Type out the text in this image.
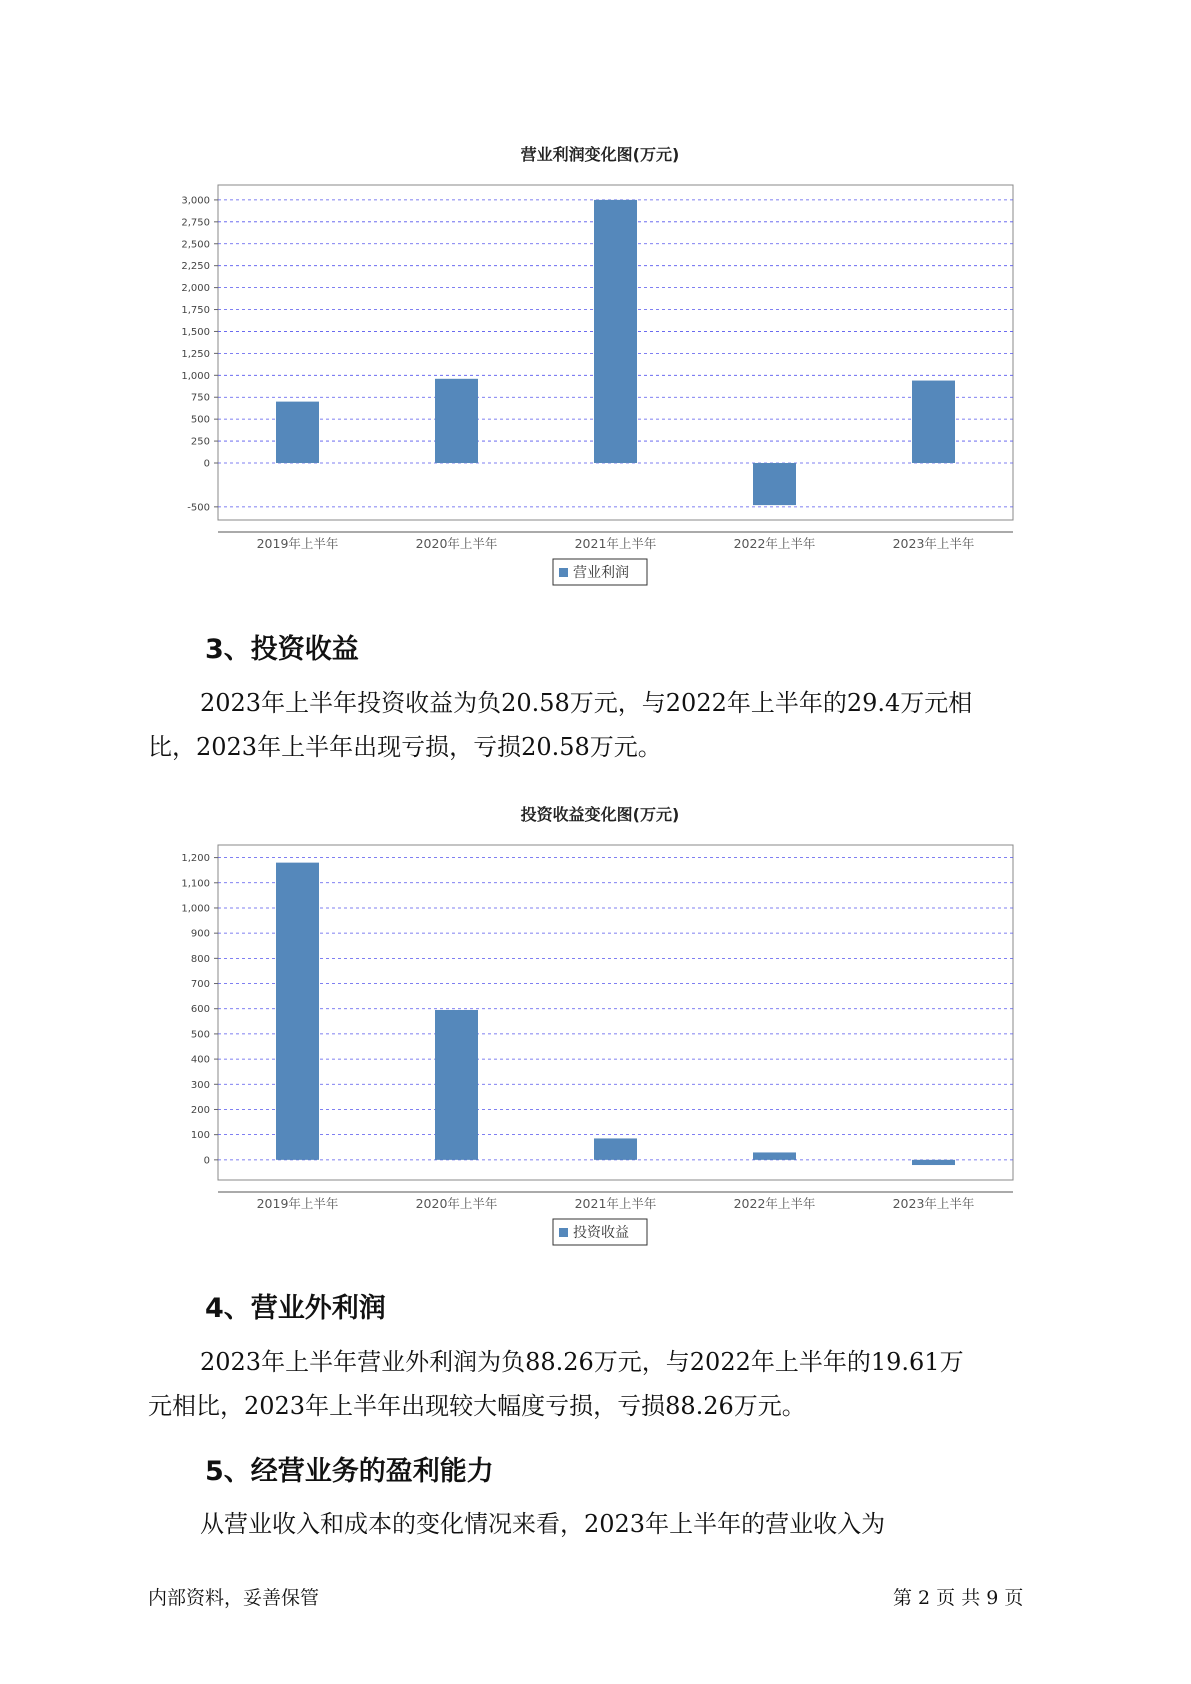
营业利润变化图(万元)
3,000
2,750
2,500
2,250
2,000
1,750
1,500
1,250
1,000
750
500
250
0
-500
2019年上半年	2020年上半年	2021年上半年	2022年上半年	2023年上半年
营业利润
3、投资收益

2023年上半年投资收益为负20.58万元，与2022年上半年的29.4万元相
比，2023年上半年出现亏损，亏损20.58万元。

投资收益变化图(万元)
1,200
1,100
1,000
900
800
700
600
500
400
300
200
100
0
2019年上半年	2020年上半年	2021年上半年	2022年上半年	2023年上半年
投资收益
4、营业外利润

2023年上半年营业外利润为负88.26万元，与2022年上半年的19.61万
元相比，2023年上半年出现较大幅度亏损，亏损88.26万元。

5、经营业务的盈利能力

从营业收入和成本的变化情况来看，2023年上半年的营业收入为

内部资料，妥善保管	第 2 页 共 9 页
